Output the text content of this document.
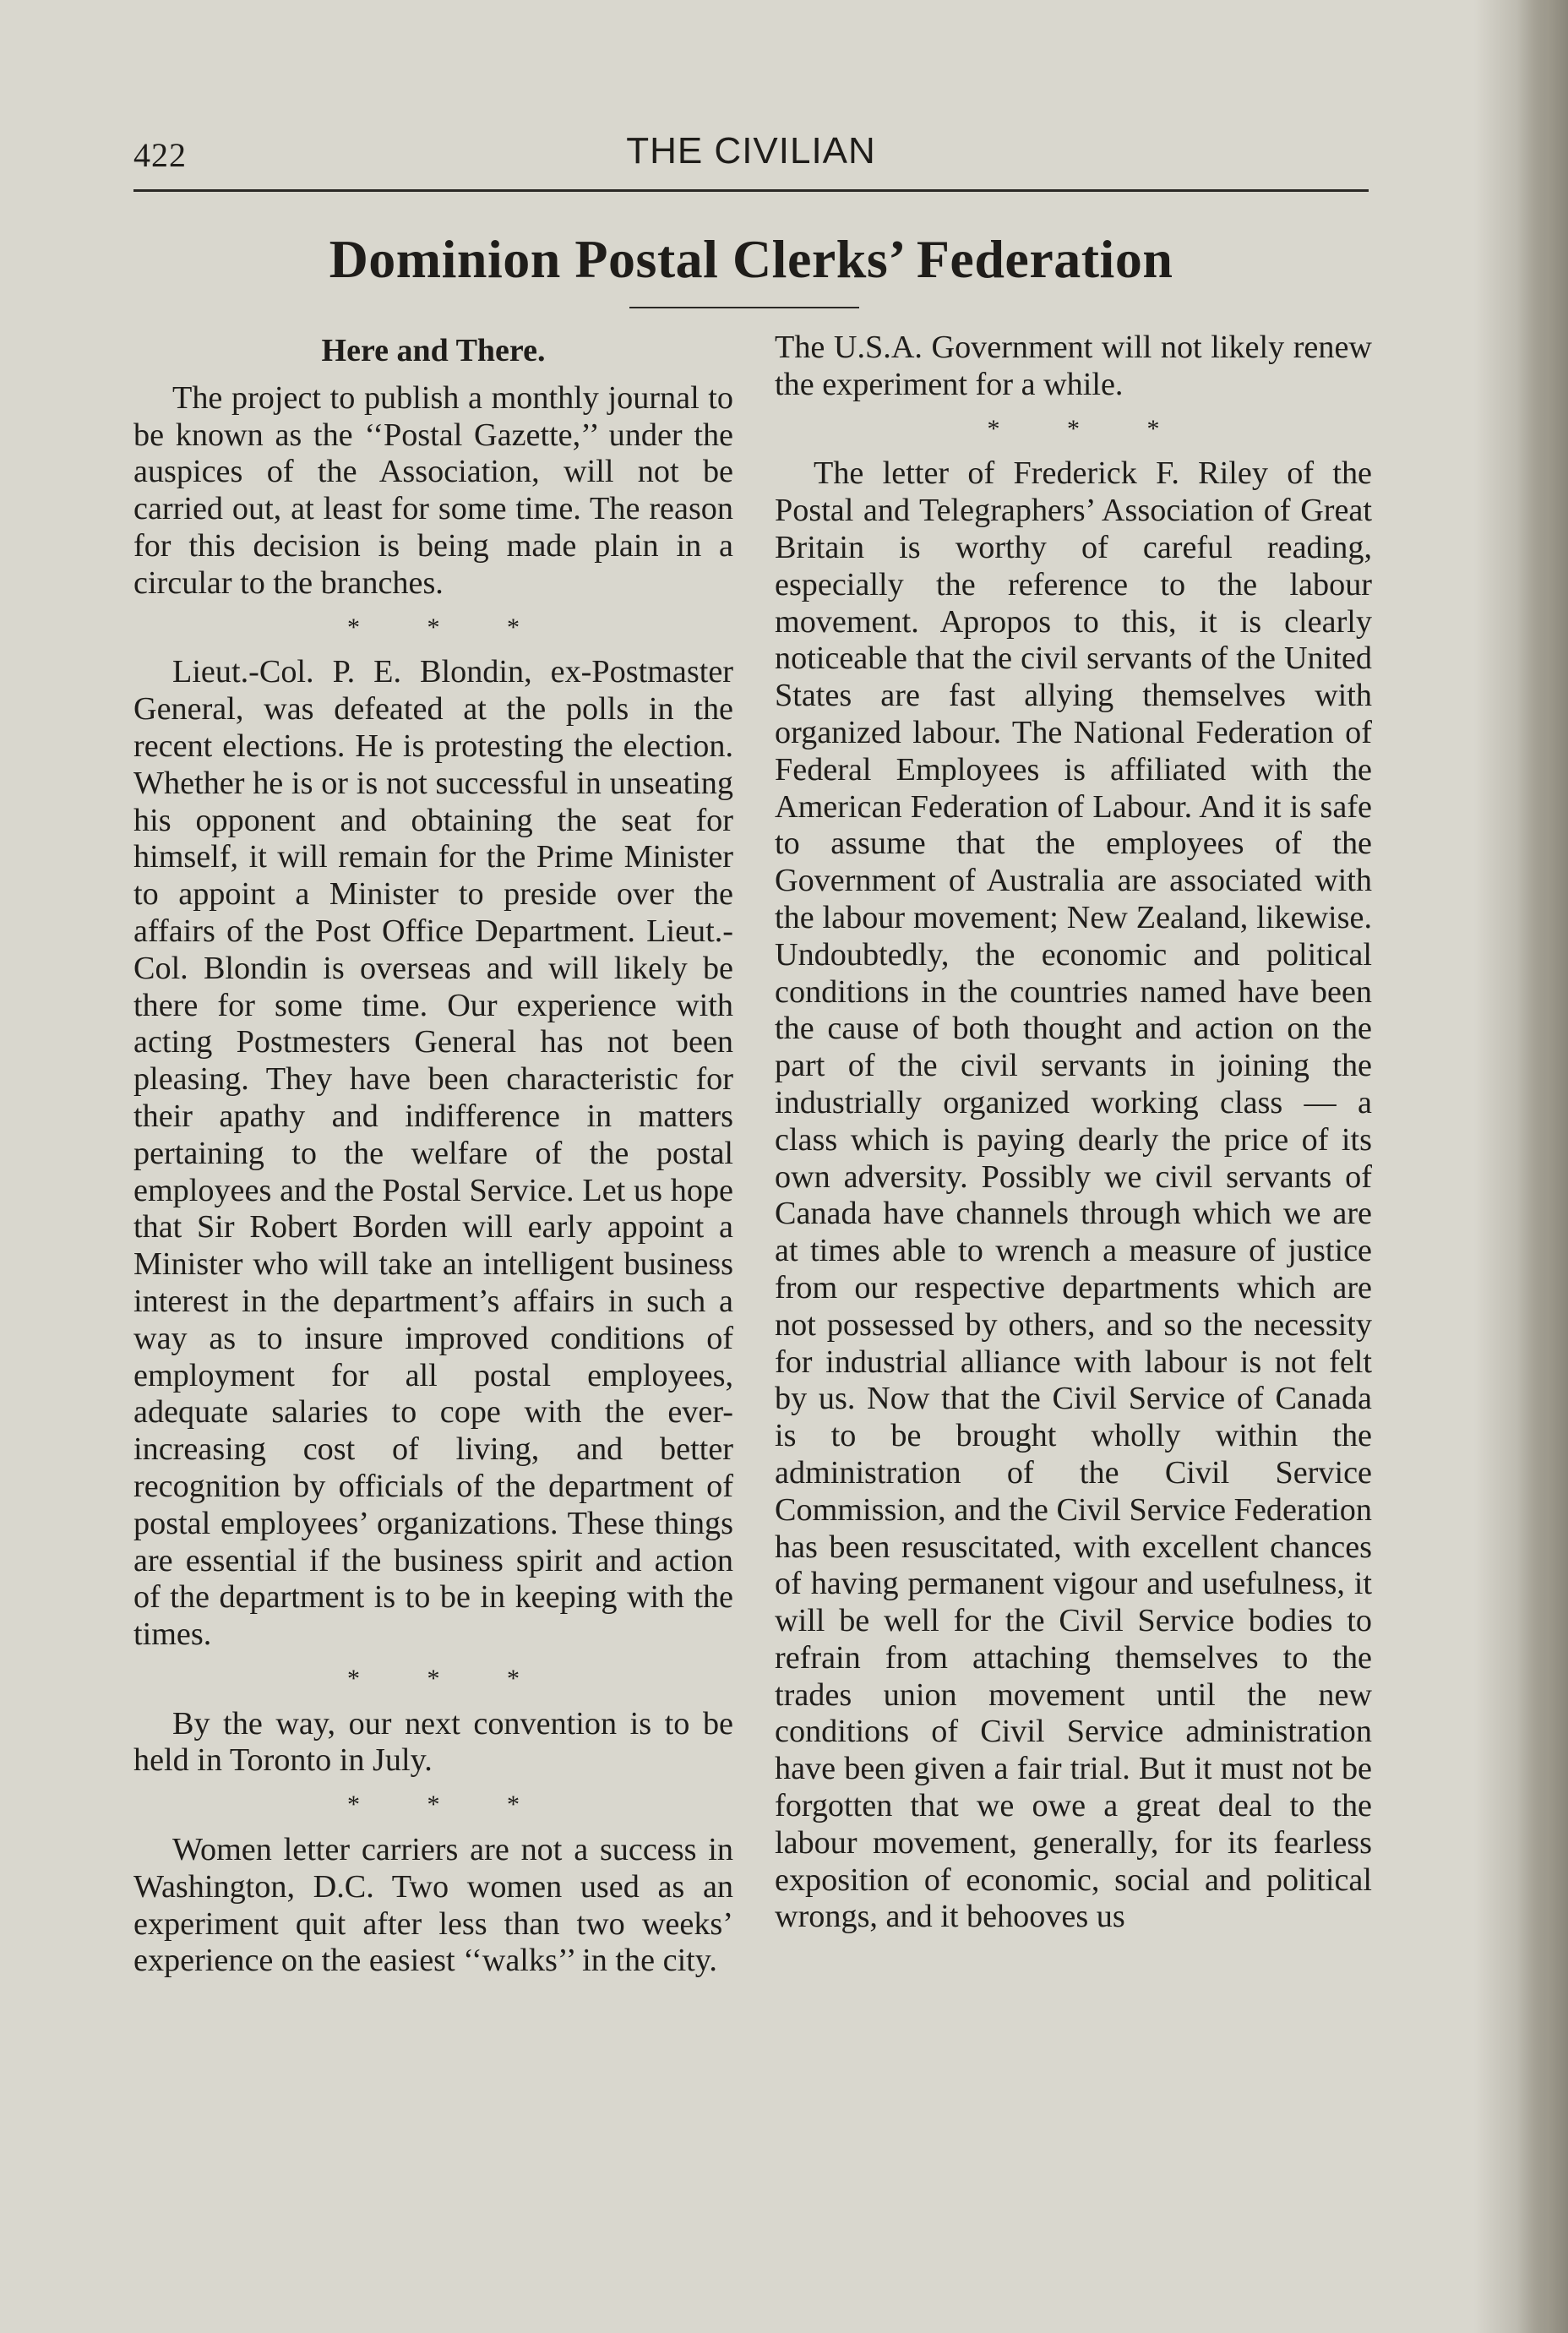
422	THE CIVILIAN
Dominion Postal Clerks’ Federation
Here and There.

The project to publish a monthly journal to be known as the ‘‘Postal Gazette,’’ under the auspices of the Association, will not be carried out, at least for some time. The reason for this decision is being made plain in a circular to the branches.

* * *

Lieut.-Col. P. E. Blondin, ex-Postmaster General, was defeated at the polls in the recent elections. He is protesting the election. Whether he is or is not successful in unseating his opponent and obtaining the seat for himself, it will remain for the Prime Minister to appoint a Minister to preside over the affairs of the Post Office Department. Lieut.-Col. Blondin is overseas and will likely be there for some time. Our experience with acting Postmesters General has not been pleasing. They have been characteristic for their apathy and indifference in matters pertaining to the welfare of the postal employees and the Postal Service. Let us hope that Sir Robert Borden will early appoint a Minister who will take an intelligent business interest in the department’s affairs in such a way as to insure improved conditions of employment for all postal employees, adequate salaries to cope with the ever-increasing cost of living, and better recognition by officials of the department of postal employees’ organizations. These things are essential if the business spirit and action of the department is to be in keeping with the times.

* * *

By the way, our next convention is to be held in Toronto in July.

* * *

Women letter carriers are not a success in Washington, D.C. Two women used as an experiment quit after less than two weeks’ experience on the easiest ‘‘walks’’ in the city.

The U.S.A. Government will not likely renew the experiment for a while.

* * *

The letter of Frederick F. Riley of the Postal and Telegraphers’ Association of Great Britain is worthy of careful reading, especially the reference to the labour movement. Apropos to this, it is clearly noticeable that the civil servants of the United States are fast allying themselves with organized labour. The National Federation of Federal Employees is affiliated with the American Federation of Labour. And it is safe to assume that the employees of the Government of Australia are associated with the labour movement; New Zealand, likewise. Undoubtedly, the economic and political conditions in the countries named have been the cause of both thought and action on the part of the civil servants in joining the industrially organized working class — a class which is paying dearly the price of its own adversity. Possibly we civil servants of Canada have channels through which we are at times able to wrench a measure of justice from our respective departments which are not possessed by others, and so the necessity for industrial alliance with labour is not felt by us. Now that the Civil Service of Canada is to be brought wholly within the administration of the Civil Service Commission, and the Civil Service Federation has been resuscitated, with excellent chances of having permanent vigour and usefulness, it will be well for the Civil Service bodies to refrain from attaching themselves to the trades union movement until the new conditions of Civil Service administration have been given a fair trial. But it must not be forgotten that we owe a great deal to the labour movement, generally, for its fearless exposition of economic, social and political wrongs, and it behooves us
